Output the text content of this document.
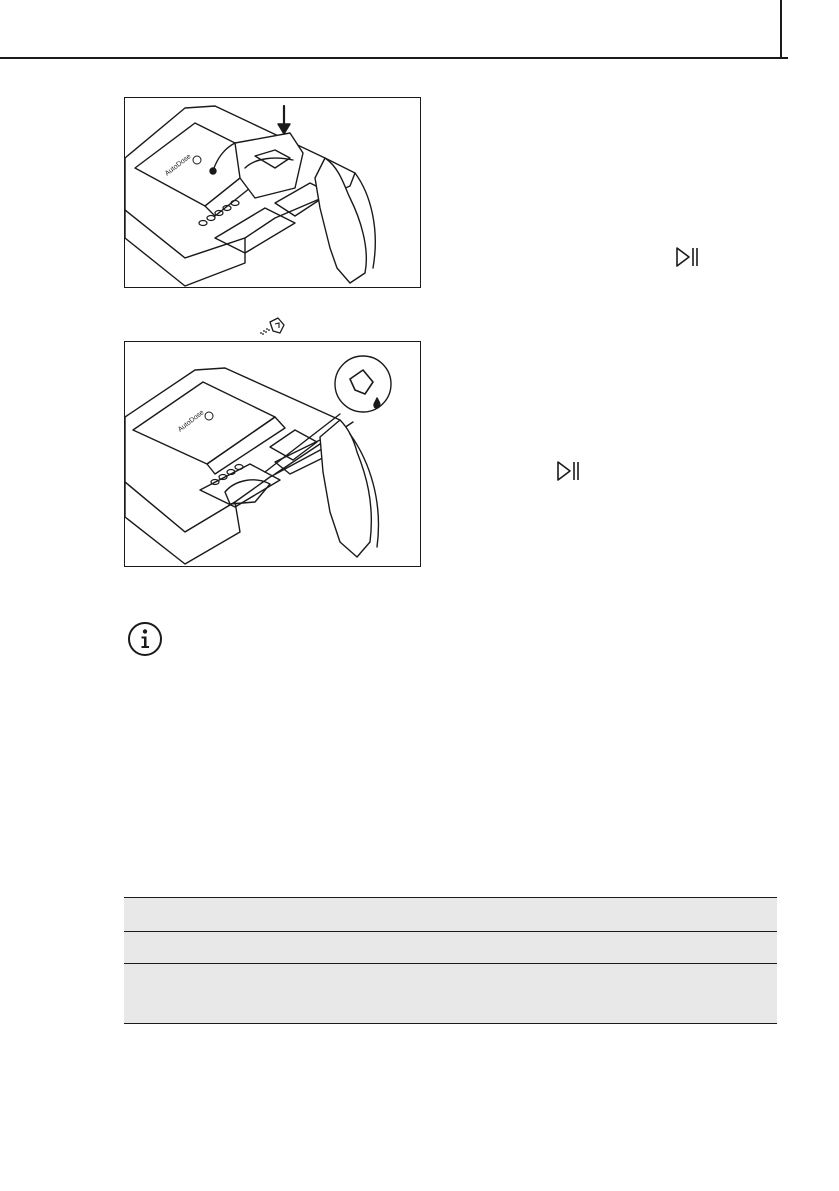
AutoDose
AutoDose
